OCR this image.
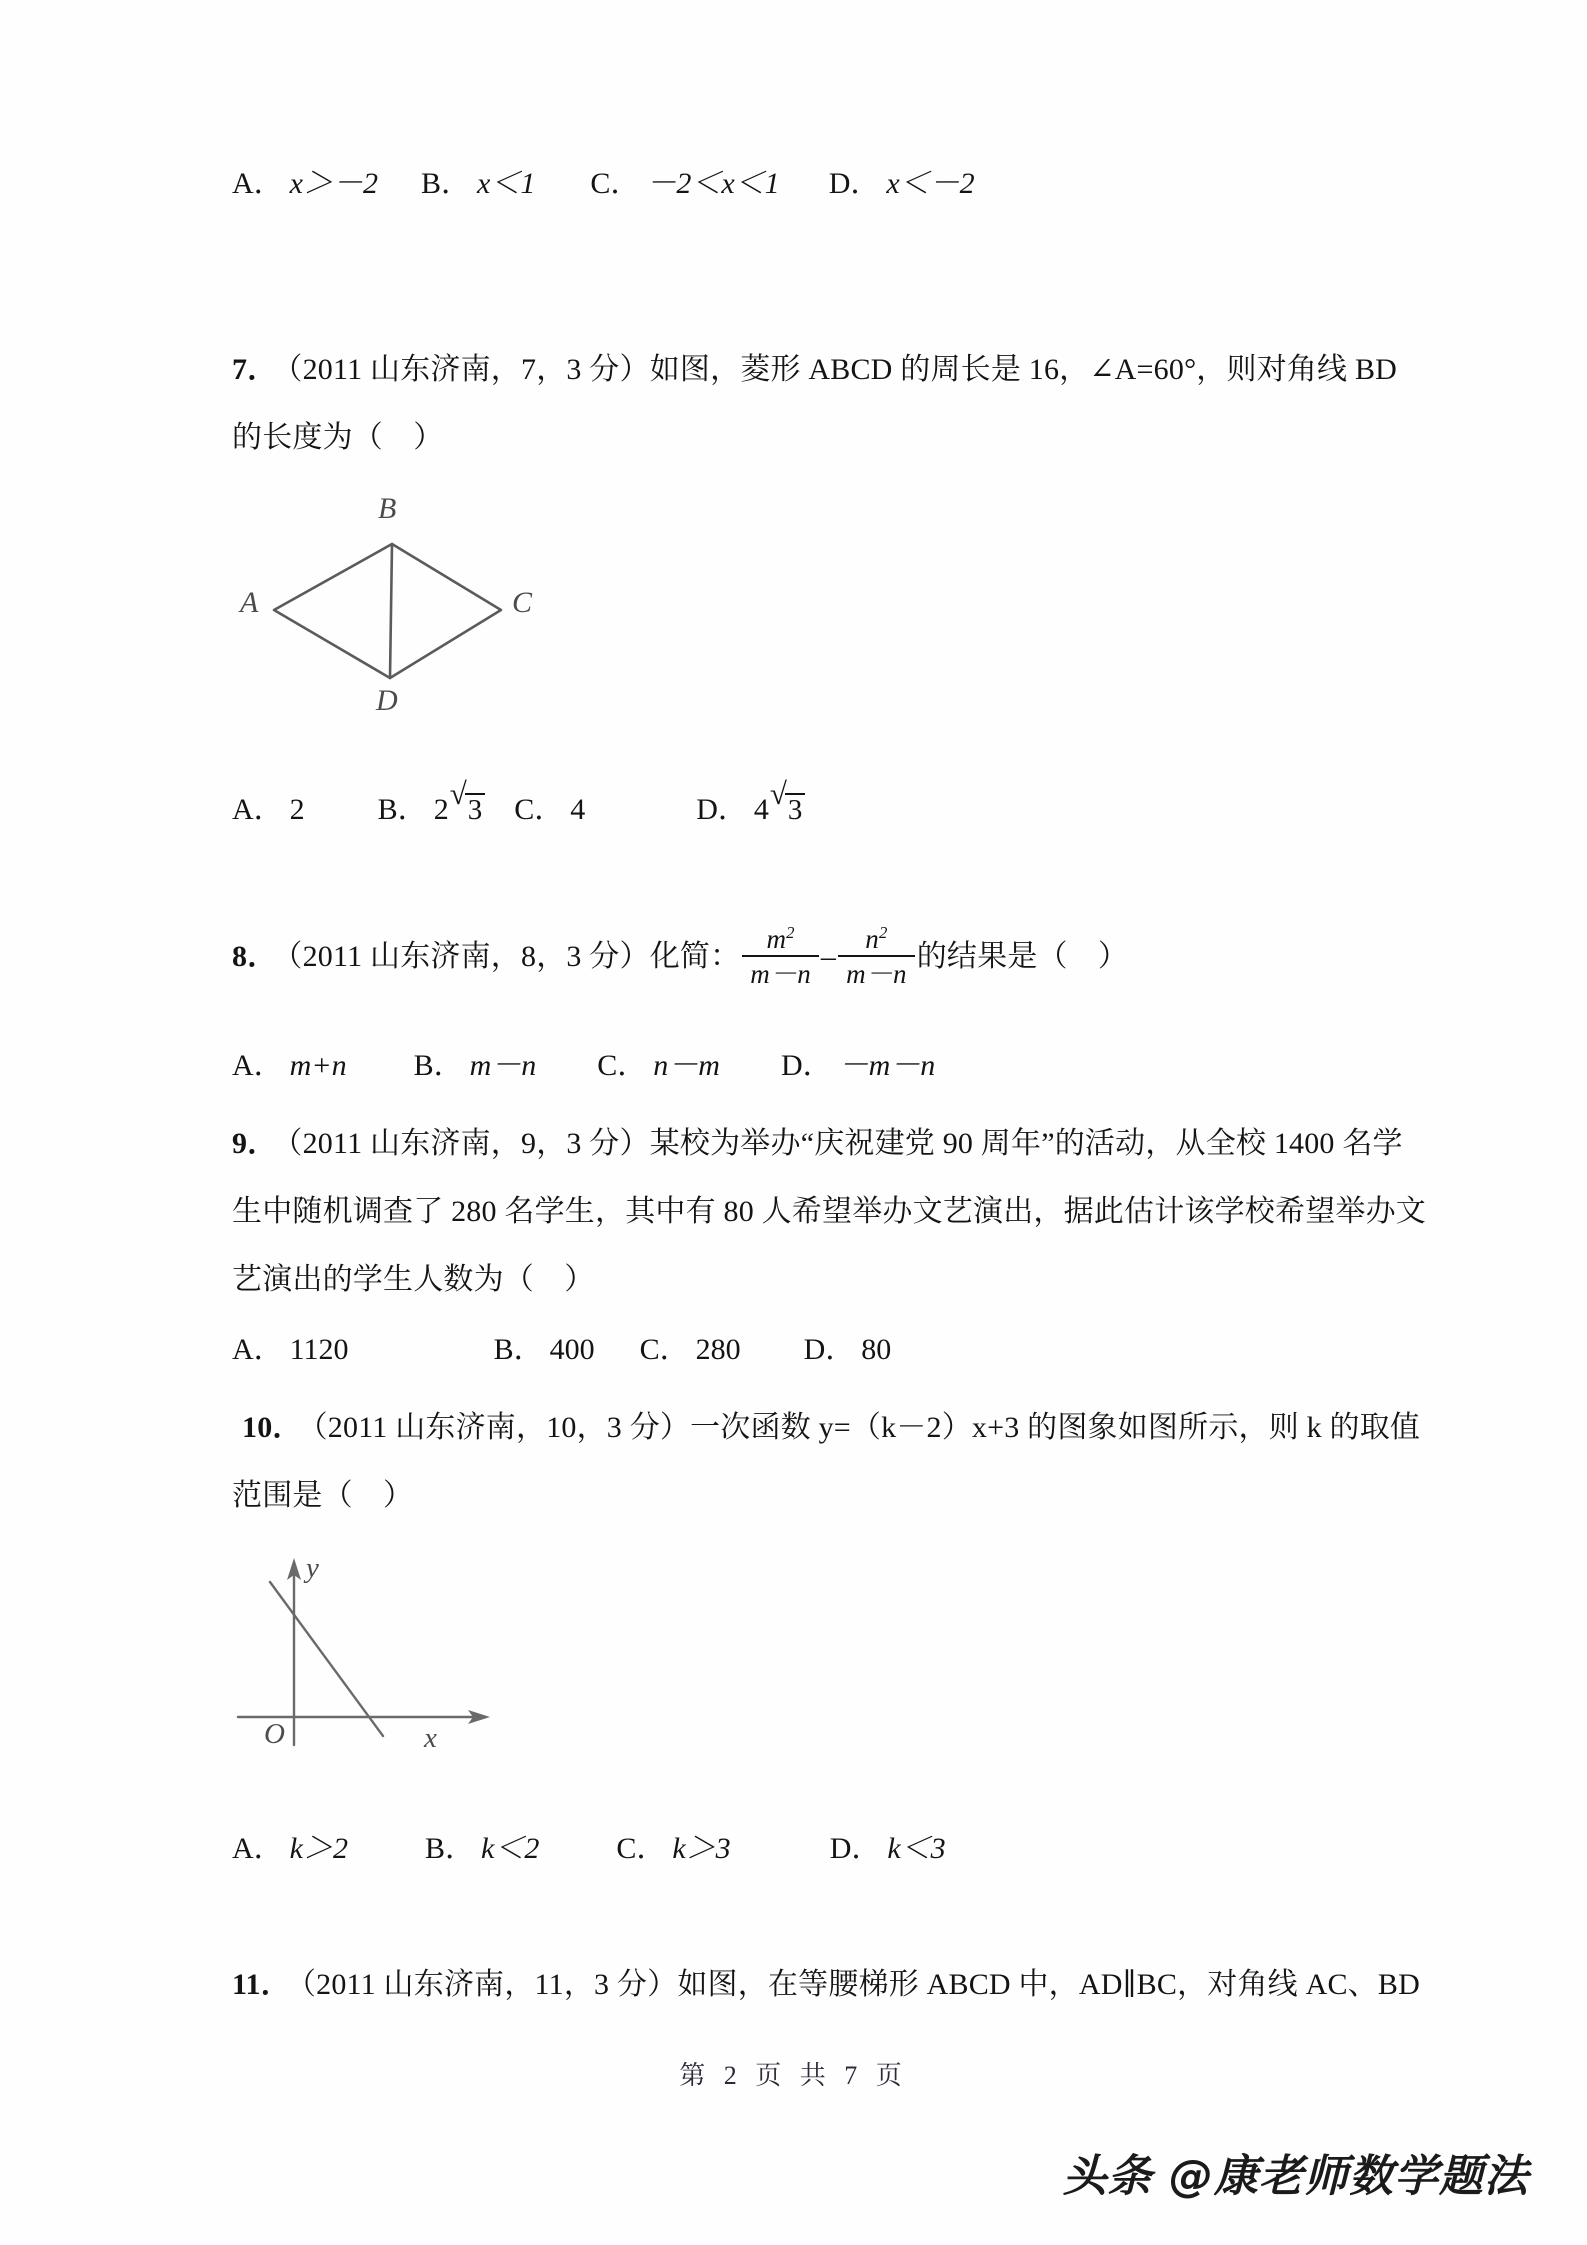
A． x＞－2 B． x＜1 C． －2＜x＜1 D． x＜－2
7． （2011 山东济南，7，3 分）如图，菱形 ABCD 的周长是 16，∠A=60°，则对角线 BD
的长度为（　）
B
A	C
D
A． 2 B． 2 √ 3 C． 4	D． 4 √ 3
8． （2011 山东济南，8，3 分）化简： $\frac{m^2}{m-n} - \frac{n^2}{m-n}$ 的结果是（　）
A． m+n B． m－n C． n－m D． －m－n
9． （2011 山东济南，9，3 分）某校为举办“庆祝建党 90 周年”的活动，从全校 1400 名学
生中随机调查了 280 名学生，其中有 80 人希望举办文艺演出，据此估计该学校希望举办文
艺演出的学生人数为（　）
A． 1120	B． 400 C． 280 D． 80
10． （2011 山东济南，10，3 分）一次函数 y=（k－2）x+3 的图象如图所示，则 k 的取值
范围是（　）
y
O	x
A． k＞2	B． k＜2	C． k＞3	D． k＜3
11． （2011 山东济南，11，3 分）如图，在等腰梯形 ABCD 中，AD∥BC，对角线 AC、BD
第 2 页 共 7 页
头条 @康老师数学题法
